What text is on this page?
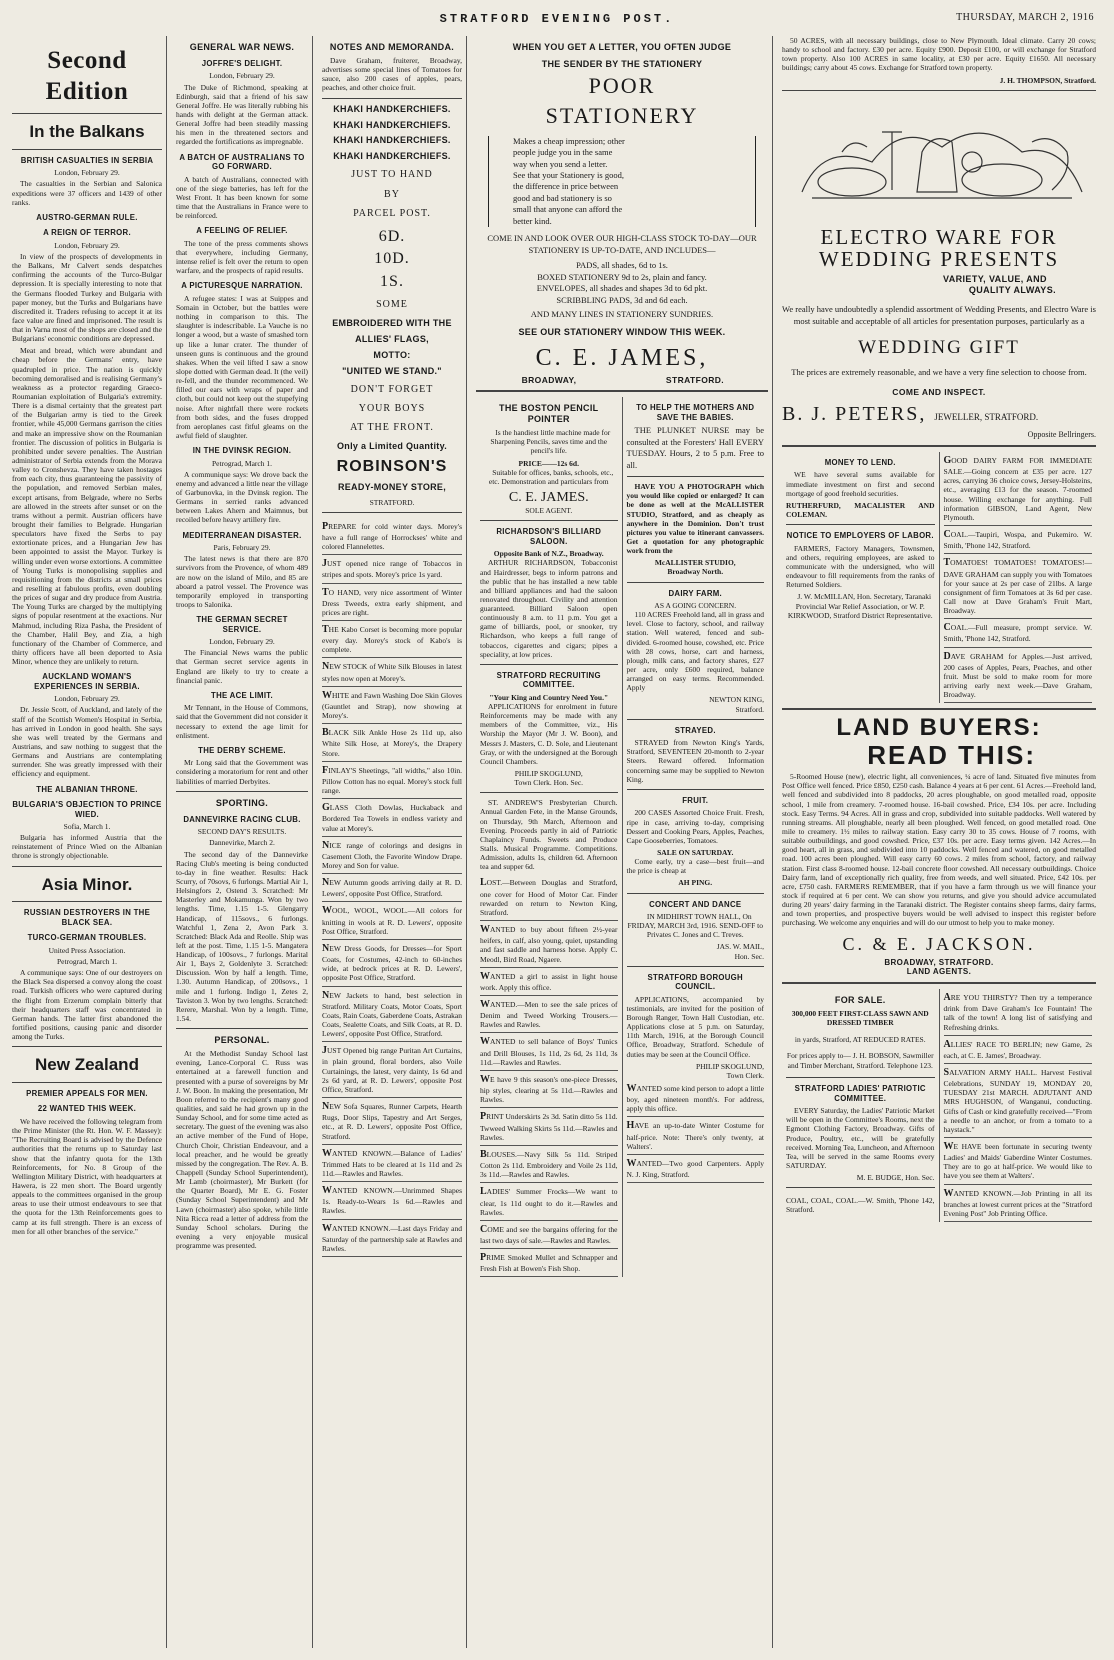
STRATFORD EVENING POST.	THURSDAY, MARCH 2, 1916
Second Edition
In the Balkans
BRITISH CASUALTIES IN SERBIA
London, February 29.

The casualties in the Serbian and Salonica expeditions were 37 officers and 1439 of other ranks.

AUSTRO-GERMAN RULE.
A REIGN OF TERROR.
London, February 29.

In view of the prospects of developments in the Balkans, Mr Calvert sends despatches confirming the accounts of the Turco-Bulgar depression. It is specially interesting to note that the Germans flooded Turkey and Bulgaria with paper money, but the Turks and Bulgarians have discredited it. Traders refusing to accept it at its face value are fined and imprisoned. The result is that in Varna most of the shops are closed and the Bulgarians' economic conditions are depressed.

Meat and bread, which were abundant and cheap before the Germans' entry, have quadrupled in price. The nation is quickly becoming demoralised and is realising Germany's weakness as a protector regarding Graeco-Roumanian exploitation of Bulgaria's extremity. There is a dismal certainty that the greatest part of the Bulgarian army is tied to the Greek frontier, while 45,000 Germans garrison the cities and make an impressive show on the Roumanian frontier. The discussion of politics in Bulgaria is prohibited under severe penalties. The Austrian administrator of Serbia extends from the Morava valley to Cronshevza. They have taken hostages from each city, thus guaranteeing the passivity of the population, and removed Serbian males, except artisans, from Belgrade, where no Serbs are allowed in the streets after sunset or on the trams without a permit. Austrian officers have brought their families to Belgrade. Hungarian speculators have fixed the Serbs to pay extortionate prices, and a Hungarian Jew has been appointed to assist the Mayor. Turkey is willing under even worse extortions. A committee of Young Turks is monopolising supplies and requisitioning from the districts at small prices and reselling at fabulous profits, even doubling the prices of sugar and dry produce from Austria. The Young Turks are charged by the multiplying signs of popular resentment at the exactions. Nur Mahmud, including Riza Pasha, the President of the Chamber, Halil Bey, and Zia, a high functionary of the Chamber of Commerce, and thirty officers have all been deported to Asia Minor, whence they are unlikely to return.

AUCKLAND WOMAN'S EXPERIENCES IN SERBIA.
London, February 29.

Dr. Jessie Scott, of Auckland, and lately of the staff of the Scottish Women's Hospital in Serbia, has arrived in London in good health. She says she was well treated by the Germans and Austrians, and saw nothing to suggest that the Germans and Austrians are contemplating surrender. She was greatly impressed with their efficiency and equipment.

THE ALBANIAN THRONE.
BULGARIA'S OBJECTION TO PRINCE WIED.
Sofia, March 1.

Bulgaria has informed Austria that the reinstatement of Prince Wied on the Albanian throne is strongly objectionable.

Asia Minor.
RUSSIAN DESTROYERS IN THE BLACK SEA.
TURCO-GERMAN TROUBLES.
United Press Association.
Petrograd, March 1.

A communique says: One of our destroyers on the Black Sea dispersed a convoy along the coast road. Turkish officers who were captured during the flight from Erzerum complain bitterly that their headquarters staff was concentrated in German hands. The latter first abandoned the fortified positions, causing panic and disorder among the Turks.

New Zealand
PREMIER APPEALS FOR MEN.
22 WANTED THIS WEEK.

We have received the following telegram from the Prime Minister (the Rt. Hon. W. F. Massey): "The Recruiting Board is advised by the Defence authorities that the returns up to Saturday last show that the infantry quota for the 13th Reinforcements, for No. 8 Group of the Wellington Military District, with headquarters at Hawera, is 22 men short. The Board urgently appeals to the committees organised in the group areas to use their utmost endeavours to see that the quota for the 13th Reinforcements goes to camp at its full strength. There is an excess of men for all other branches of the service."

GENERAL WAR NEWS.
JOFFRE'S DELIGHT.
London, February 29.

The Duke of Richmond, speaking at Edinburgh, said that a friend of his saw General Joffre. He was literally rubbing his hands with delight at the German attack. General Joffre had been steadily massing his men in the threatened sectors and regarded the fortifications as impregnable.

A BATCH OF AUSTRALIANS TO GO FORWARD.

A batch of Australians, connected with one of the siege batteries, has left for the West Front. It has been known for some time that the Australians in France were to be reinforced.

A FEELING OF RELIEF.

The tone of the press comments shows that everywhere, including Germany, intense relief is felt over the return to open warfare, and the prospects of rapid results.

A PICTURESQUE NARRATION.

A refugee states: I was at Suippes and Somain in October, but the battles were nothing in comparison to this. The slaughter is indescribable. La Vauche is no longer a wood, but a waste of smashed torn up like a lunar crater. The thunder of unseen guns is continuous and the ground shakes. When the veil lifted I saw a snow slope dotted with German dead. It (the veil) re-fell, and the thunder recommenced. We filled our ears with wraps of paper and cloth, but could not keep out the stupefying noise. After nightfall there were rockets from both sides, and the fuses dropped from aeroplanes cast fitful gleams on the awful field of slaughter.

IN THE DVINSK REGION.
Petrograd, March 1.

A communique says: We drove back the enemy and advanced a little near the village of Garbunovka, in the Dvinsk region. The Germans in serried ranks advanced between Lakes Ahern and Maimnus, but recoiled before heavy artillery fire.

MEDITERRANEAN DISASTER.
Paris, February 29.

The latest news is that there are 870 survivors from the Provence, of whom 489 are now on the island of Milo, and 85 are aboard a patrol vessel. The Provence was temporarily employed in transporting troops to Salonika.

THE GERMAN SECRET SERVICE.
London, February 29.

The Financial News warns the public that German secret service agents in England are likely to try to create a financial panic.

THE ACE LIMIT.

Mr Tennant, in the House of Commons, said that the Government did not consider it necessary to extend the age limit for enlistment.

THE DERBY SCHEME.

Mr Long said that the Government was considering a moratorium for rent and other liabilities of married Derbyites.

SPORTING.
DANNEVIRKE RACING CLUB.
SECOND DAY'S RESULTS.
Dannevirke, March 2.

The second day of the Dannevirke Racing Club's meeting is being conducted to-day in fine weather. Results: Hack Scurry, of 70sovs, 6 furlongs. Martial Air 1, Helsingfors 2, Ostend 3. Scratched: Mr Masterley and Mokamunga. Won by two lengths. Time, 1.15 1-5. Glengarry Handicap, of 115sovs., 6 furlongs. Watchful 1, Zena 2, Avon Park 3. Scratched: Black Ada and Reolle. Ship was left at the post. Time, 1.15 1-5. Mangatera Handicap, of 100sovs., 7 furlongs. Marital Air 1, Bays 2, Goldenlyte 3. Scratched: Discussion. Won by half a length. Time, 1.30. Autumn Handicap, of 200sovs., 1 mile and 1 furlong. Indigo 1, Zetes 2, Taviston 3. Won by two lengths. Scratched: Rerere, Marshal. Won by a length. Time, 1.54.

PERSONAL.

At the Methodist Sunday School last evening, Lance-Corporal C. Russ was entertained at a farewell function and presented with a purse of sovereigns by Mr J. W. Boon. In making the presentation, Mr Boon referred to the recipient's many good qualities, and said he had grown up in the Sunday School, and for some time acted as secretary. The guest of the evening was also an active member of the Fund of Hope, Church Choir, Christian Endeavour, and a local preacher, and he would be greatly missed by the congregation. The Rev. A. B. Chappell (Sunday School Superintendent), Mr Lamb (choirmaster), Mr Burkett (for the Quarter Board), Mr E. G. Foster (Sunday School Superintendent) and Mr Lawn (choirmaster) also spoke, while little Nita Ricca read a letter of address from the Sunday School scholars. During the evening a very enjoyable musical programme was presented.

NOTES AND MEMORANDA.

Dave Graham, fruiterer, Broadway, advertises some special lines of Tomatoes for sauce, also 200 cases of apples, pears, peaches, and other choice fruit.

KHAKI HANDKERCHIEFS.
KHAKI HANDKERCHIEFS.
KHAKI HANDKERCHIEFS.
KHAKI HANDKERCHIEFS.
JUST TO HAND
BY
PARCEL POST.
6D.
10D.
1S.
SOME
EMBROIDERED WITH THE
ALLIES' FLAGS,
MOTTO:
"UNITED WE STAND."
DON'T FORGET
YOUR BOYS
AT THE FRONT.
Only a Limited Quantity.
ROBINSON'S
READY-MONEY STORE,
STRATFORD.

PREPARE for cold winter days. Morey's have a full range of Horrockses' white and colored Flannelettes.

JUST opened nice range of Tobaccos in stripes and spots. Morey's price 1s yard.

TO HAND, very nice assortment of Winter Dress Tweeds, extra early shipment, and prices are right.

THE Kabo Corset is becoming more popular every day. Morey's stock of Kabo's is complete.

NEW STOCK of White Silk Blouses in latest styles now open at Morey's.

WHITE and Fawn Washing Doe Skin Gloves (Gauntlet and Strap), now showing at Morey's.

BLACK Silk Ankle Hose 2s 11d up, also White Silk Hose, at Morey's, the Drapery Store.

FINLAY'S Sheetings, "all widths," also 10in. Pillow Cotton has no equal. Morey's stock full range.

GLASS Cloth Dowlas, Huckaback and Bordered Tea Towels in endless variety and value at Morey's.

NICE range of colorings and designs in Casement Cloth, the Favorite Window Drape. Morey and Son for value.

NEW Autumn goods arriving daily at R. D. Lewers', opposite Post Office, Stratford.

WOOL, WOOL, WOOL.—All colors for knitting in wools at R. D. Lewers', opposite Post Office, Stratford.

NEW Dress Goods, for Dresses—for Sport Coats, for Costumes, 42-inch to 60-inches wide, at bedrock prices at R. D. Lewers', opposite Post Office, Stratford.

NEW Jackets to hand, best selection in Stratford. Military Coats, Motor Coats, Sport Coats, Rain Coats, Gaberdene Coats, Astrakan Coats, Sealette Coats, and Silk Coats, at R. D. Lewers', opposite Post Office, Stratford.

JUST Opened big range Puritan Art Curtains, in plain ground, floral borders, also Voile Curtainings, the latest, very dainty, 1s 6d and 2s 6d yard, at R. D. Lewers', opposite Post Office, Stratford.

NEW Sofa Squares, Runner Carpets, Hearth Rugs, Door Slips, Tapestry and Art Serges, etc., at R. D. Lewers', opposite Post Office, Stratford.

WANTED KNOWN.—Balance of Ladies' Trimmed Hats to be cleared at 1s 11d and 2s 11d.—Rawles and Rawles.

WANTED KNOWN.—Unrimmed Shapes 1s. Ready-to-Wears 1s 6d.—Rawles and Rawles.

WANTED KNOWN.—Last days Friday and Saturday of the partnership sale at Rawles and Rawles.

WHEN YOU GET A LETTER, YOU OFTEN JUDGE
THE SENDER BY THE STATIONERY
POOR
STATIONERY
Makes a cheap impression; other
people judge you in the same
way when you send a letter.
See that your Stationery is good,
the difference in price between
good and bad stationery is so
small that anyone can afford the
better kind.
COME IN AND LOOK OVER OUR HIGH-CLASS STOCK TO-DAY—OUR STATIONERY IS UP-TO-DATE, AND INCLUDES—
PADS, all shades, 6d to 1s.
BOXED STATIONERY 9d to 2s, plain and fancy.
ENVELOPES, all shades and shapes 3d to 6d pkt.
SCRIBBLING PADS, 3d and 6d each.
AND MANY LINES IN STATIONERY SUNDRIES.
SEE OUR STATIONERY WINDOW THIS WEEK.
C. E. JAMES,
BROADWAY,	STRATFORD.
THE BOSTON PENCIL POINTER

Is the handiest little machine made for Sharpening Pencils, saves time and the pencil's life.

PRICE——12s 6d.

Suitable for offices, banks, schools, etc., etc. Demonstration and particulars from

C. E. JAMES.
SOLE AGENT.
RICHARDSON'S BILLIARD SALOON.
Opposite Bank of N.Z., Broadway.

ARTHUR RICHARDSON, Tobacconist and Hairdresser, begs to inform patrons and the public that he has installed a new table and billiard appliances and had the saloon renovated throughout. Civility and attention guaranteed. Billiard Saloon open continuously 8 a.m. to 11 p.m. You get a game of billiards, pool, or snooker, try Richardson, who keeps a full range of tobaccos, cigarettes and cigars; pipes a speciality, at low prices.

STRATFORD RECRUITING COMMITTEE.
"Your King and Country Need You."

APPLICATIONS for enrolment in future Reinforcements may be made with any members of the Committee, viz., His Worship the Mayor (Mr J. W. Boon), and Messrs J. Masters, C. D. Sole, and Lieutenant Gray, or with the undersigned at the Borough Council Chambers.

PHILIP SKOGLUND,
Town Clerk. Hon. Sec.

ST. ANDREW'S Presbyterian Church. Annual Garden Fete, in the Manse Grounds, on Thursday, 9th March, Afternoon and Evening. Proceeds partly in aid of Patriotic Chaplaincy Funds. Sweets and Produce Stalls. Musical Programme. Competitions. Admission, adults 1s, children 6d. Afternoon tea and supper 6d.

LOST.—Between Douglas and Stratford, one cover for Hood of Motor Car. Finder rewarded on return to Newton King, Stratford.

WANTED to buy about fifteen 2½-year heifers, in calf, also young, quiet, upstanding and fast saddle and harness horse. Apply C. Meodl, Bird Road, Ngaere.

WANTED a girl to assist in light house work. Apply this office.

WANTED.—Men to see the sale prices of Denim and Tweed Working Trousers.—Rawles and Rawles.

WANTED to sell balance of Boys' Tunics and Drill Blouses, 1s 11d, 2s 6d, 2s 11d, 3s 11d.—Rawles and Rawles.

WE have 9 this season's one-piece Dresses, hip styles, clearing at 5s 11d.—Rawles and Rawles.

PRINT Underskirts 2s 3d. Satin ditto 5s 11d. Twweed Walking Skirts 5s 11d.—Rawles and Rawles.

BLOUSES.—Navy Silk 5s 11d. Striped Cotton 2s 11d. Embroidery and Voile 2s 11d, 3s 11d.—Rawles and Rawles.

LADIES' Summer Frocks—We want to clear, 1s 11d ought to do it.—Rawles and Rawles.

COME and see the bargains offering for the last two days of sale.—Rawles and Rawles.

PRIME Smoked Mullet and Schnapper and Fresh Fish at Bowen's Fish Shop.

TO HELP THE MOTHERS AND SAVE THE BABIES.

THE PLUNKET NURSE may be consulted at the Foresters' Hall EVERY TUESDAY. Hours, 2 to 5 p.m. Free to all.

HAVE YOU A PHOTOGRAPH which you would like copied or enlarged? It can be done as well at the McALLISTER STUDIO, Stratford, and as cheaply as anywhere in the Dominion. Don't trust pictures you value to itinerant canvassers. Get a quotation for any photographic work from the

McALLISTER STUDIO,
Broadway North.
DAIRY FARM.
AS A GOING CONCERN.

110 ACRES Freehold land, all in grass and level. Close to factory, school, and railway station. Well watered, fenced and sub-divided. 6-roomed house, cowshed, etc. Price with 28 cows, horse, cart and harness, plough, milk cans, and factory shares, £27 per acre, only £600 required, balance arranged on easy terms. Recommended. Apply

NEWTON KING,
Stratford.
STRAYED.

STRAYED from Newton King's Yards, Stratford, SEVENTEEN 20-month to 2-year Steers. Reward offered. Information concerning same may be supplied to Newton King.

FRUIT.

200 CASES Assorted Choice Fruit. Fresh, ripe in case, arriving to-day, comprising Dessert and Cooking Pears, Apples, Peaches, Cape Gooseberries, Tomatoes.

SALE ON SATURDAY.

Come early, try a case—best fruit—and the price is cheap at

AH PING.
CONCERT AND DANCE

IN MIDHIRST TOWN HALL, On FRIDAY, MARCH 3rd, 1916. SEND-OFF to Privates C. Jones and C. Treves.

JAS. W. MAIL,
Hon. Sec.
STRATFORD BOROUGH COUNCIL.

APPLICATIONS, accompanied by testimonials, are invited for the position of Borough Ranger, Town Hall Custodian, etc. Applications close at 5 p.m. on Saturday, 11th March, 1916, at the Borough Council Office, Broadway, Stratford. Schedule of duties may be seen at the Council Office.

PHILIP SKOGLUND,
Town Clerk.

WANTED some kind person to adopt a little boy, aged nineteen month's. For address, apply this office.

HAVE an up-to-date Winter Costume for half-price. Note: There's only twenty, at Walters'.

WANTED—Two good Carpenters. Apply N. J. King, Stratford.

50 ACRES, with all necessary buildings, close to New Plymouth. Ideal climate. Carry 20 cows; handy to school and factory. £30 per acre. Equity £900. Deposit £100, or will exchange for Stratford town property. Also 100 ACRES in same locality, at £30 per acre. Equity £1650. All necessary buildings; carry about 45 cows. Exchange for Stratford town property.

J. H. THOMPSON, Stratford.
ELECTRO WARE FOR WEDDING PRESENTS
VARIETY, VALUE, AND
QUALITY ALWAYS.

We really have undoubtedly a splendid assortment of Wedding Presents, and Electro Ware is most suitable and acceptable of all articles for presentation purposes, particularly as a

WEDDING GIFT

The prices are extremely reasonable, and we have a very fine selection to choose from.

COME AND INSPECT.
B. J. PETERS, JEWELLER, STRATFORD.
Opposite Bellringers.
MONEY TO LEND.

WE have several sums available for immediate investment on first and second mortgage of good freehold securities.

RUTHERFURD, MACALISTER AND COLEMAN.
NOTICE TO EMPLOYERS OF LABOR.

FARMERS, Factory Managers, Townsmen, and others, requiring employees, are asked to communicate with the undersigned, who will endeavour to fill requirements from the ranks of Returned Soldiers.

J. W. McMILLAN, Hon. Secretary, Taranaki Provincial War Relief Association, or W. P. KIRKWOOD, Stratford District Representative.

GOOD DAIRY FARM FOR IMMEDIATE SALE.—Going concern at £35 per acre. 127 acres, carrying 36 choice cows, Jersey-Holsteins, etc., averaging £13 for the season. 7-roomed house. Willing exchange for anything. Full information GIBSON, Land Agent, New Plymouth.

COAL.—Taupiri, Wospa, and Pukemiro. W. Smith, 'Phone 142, Stratford.

TOMATOES! TOMATOES! TOMATOES!—DAVE GRAHAM can supply you with Tomatoes for your sauce at 2s per case of 21lbs. A large consignment of firm Tomatoes at 3s 6d per case. Call now at Dave Graham's Fruit Mart, Broadway.

COAL.—Full measure, prompt service. W. Smith, 'Phone 142, Stratford.

DAVE GRAHAM for Apples.—Just arrived, 200 cases of Apples, Pears, Peaches, and other fruit. Must be sold to make room for more arriving early next week.—Dave Graham, Broadway.

LAND BUYERS:
READ THIS:

5-Roomed House (new), electric light, all conveniences, ¼ acre of land. Situated five minutes from Post Office well fenced. Price £850, £250 cash. Balance 4 years at 6 per cent. 61 Acres.—Freehold land, well fenced and subdivided into 8 paddocks, 20 acres ploughable, on good metalled road, opposite school, 1 mile from creamery. 7-roomed house. 16-bail cowshed. Price, £34 10s. per acre. Including stock. Easy Terms. 94 Acres. All in grass and crop, subdivided into suitable paddocks. Well watered by running streams. All ploughable, nearly all been ploughed. Well fenced, on good metalled road. One mile to creamery. 1½ miles to railway station. Easy carry 30 to 35 cows. House of 7 rooms, with suitable outbuildings, and good cowshed. Price, £37 10s. per acre. Easy terms given. 142 Acres.—In good heart, all in grass, and subdivided into 10 paddocks. Well fenced and watered, on good metalled road. 100 acres been ploughed. Will easy carry 60 cows. 2 miles from school, factory, and railway station. First class 8-roomed house. 12-bail concrete floor cowshed. All necessary outbuildings. Choice Dairy farm, land of exceptionally rich quality, free from weeds, and well situated. Price, £42 10s. per acre, £750 cash. FARMERS REMEMBER, that if you have a farm through us we will finance your stock if required at 6 per cent. We can show you returns, and give you should advice accumulated during 20 years' dairy farming in the Taranaki district. The Register contains sheep farms, dairy farms, and town properties, and prospective buyers would be well advised to inspect this register before purchasing. We welcome any enquiries and will do our utmost to help you to make money.

C. & E. JACKSON.
BROADWAY, STRATFORD.
LAND AGENTS.
FOR SALE.
300,000 FEET FIRST-CLASS SAWN AND DRESSED TIMBER

in yards, Stratford, AT REDUCED RATES.

For prices apply to— J. H. BOBSON, Sawmiller and Timber Merchant, Stratford. Telephone 123.

STRATFORD LADIES' PATRIOTIC COMMITTEE.

EVERY Saturday, the Ladies' Patriotic Market will be open in the Committee's Rooms, next the Egmont Clothing Factory, Broadway. Gifts of Produce, Poultry, etc., will be gratefully received. Morning Tea, Luncheon, and Afternoon Tea, will be served in the same Rooms every SATURDAY.

M. E. BUDGE, Hon. Sec.

COAL, COAL, COAL.—W. Smith, 'Phone 142, Stratford.

ARE YOU THIRSTY? Then try a temperance drink from Dave Graham's Ice Fountain! The talk of the town! A long list of satisfying and Refreshing drinks.

ALLIES' RACE TO BERLIN; new Game, 2s each, at C. E. James', Broadway.

SALVATION ARMY HALL. Harvest Festival Celebrations, SUNDAY 19, MONDAY 20, TUESDAY 21st MARCH. ADJUTANT AND MRS HUGHSON, of Wanganui, conducting. Gifts of Cash or kind gratefully received—"From a needle to an anchor, or from a tomato to a haystack."

WE HAVE been fortunate in securing twenty Ladies' and Maids' Gaberdine Winter Costumes. They are to go at half-price. We would like to have you see them at Walters'.

WANTED KNOWN.—Job Printing in all its branches at lowest current prices at the "Stratford Evening Post" Job Printing Office.
